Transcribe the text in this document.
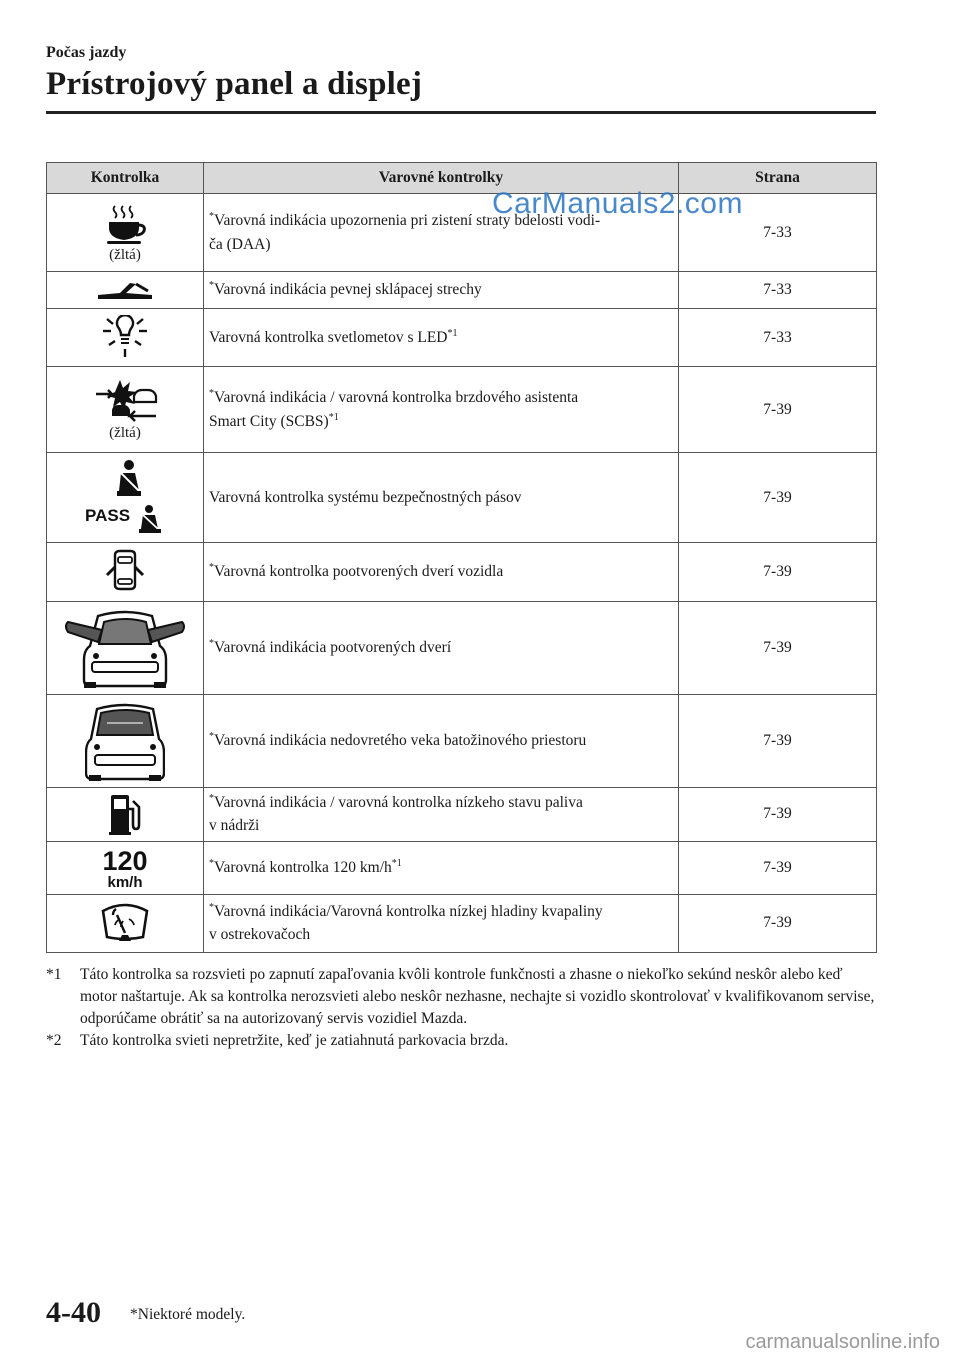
Počas jazdy
Prístrojový panel a displej
Kontrolka	Varovné kontrolky	Strana

(žltá)	*Varovná indikácia upozornenia pri zistení straty bdelosti vodi-
ča (DAA)	7-33

	*Varovná indikácia pevnej sklápacej strechy	7-33

	Varovná kontrolka svetlometov s LED$^{*1}$	7-33

(žltá)	*Varovná indikácia / varovná kontrolka brzdového asistenta
Smart City (SCBS)$^{*1}$	7-39

PASS	Varovná kontrolka systému bezpečnostných pásov	7-39

	*Varovná kontrolka pootvorených dverí vozidla	7-39

	*Varovná indikácia pootvorených dverí	7-39

	*Varovná indikácia nedovretého veka batožinového priestoru	7-39

	*Varovná indikácia / varovná kontrolka nízkeho stavu paliva
v nádrži	7-39

120
km/h	*Varovná kontrolka 120 $km/h^{*1}$	7-39

	*Varovná indikácia/Varovná kontrolka nízkej hladiny kvapaliny
v ostrekovačoch	7-39
CarManuals2.com
*1	Táto kontrolka sa rozsvieti po zapnutí zapaľovania kvôli kontrole funkčnosti a zhasne o niekoľko sekúnd neskôr alebo keď motor naštartuje. Ak sa kontrolka nerozsvieti alebo neskôr nezhasne, nechajte si vozidlo skontrolovať v kvalifikovanom servise, odporúčame obrátiť sa na autorizovaný servis vozidiel Mazda.
*2	Táto kontrolka svieti nepretržite, keď je zatiahnutá parkovacia brzda.
4-40 *Niektoré modely.
carmanualsonline.info
